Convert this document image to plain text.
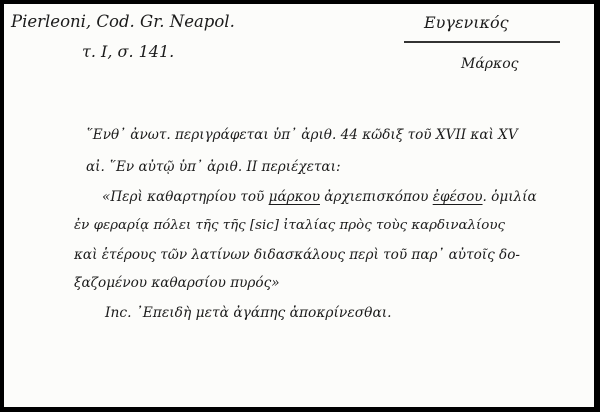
Pierleoni, Cod. Gr. Neapol.

τ. I, σ. 141.

Ευγενικός

Μάρκος

῞Ενθ᾽ ἀνωτ. περιγράφεται ὑπ᾽ ἀριθ. 44 κῶδιξ τοῦ XVII καὶ XV

αἰ. ῞Εν αὐτῷ ὑπ᾽ ἀριθ. II περιέχεται:

«Περὶ καθαρτηρίου τοῦ μάρκου ἀρχιεπισκόπου ἐφέσου. ὁμιλία

ἐν φεραρίᾳ πόλει τῆς τῆς [sic] ἰταλίας πρὸς τοὺς καρδιναλίους

καὶ ἑτέρους τῶν λατίνων διδασκάλους περὶ τοῦ παρ᾽ αὐτοῖς δο-

ξαζομένου καθαρσίου πυρός»

Inc. ᾿Επειδὴ μετὰ ἀγάπης ἀποκρίνεσθαι.
